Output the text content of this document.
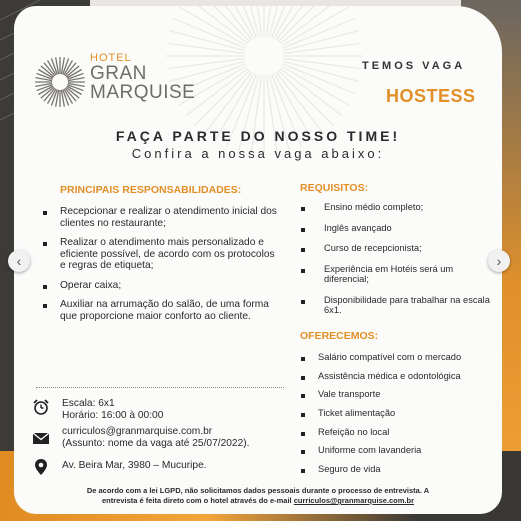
HOTEL
GRAN
MARQUISE
TEMOS VAGA
HOSTESS
FAÇA PARTE DO NOSSO TIME!
Confira a nossa vaga abaixo:
PRINCIPAIS RESPONSABILIDADES:
Recepcionar e realizar o atendimento inicial dos clientes no restaurante;
Realizar o atendimento mais personalizado e eficiente possível, de acordo com os protocolos e regras de etiqueta;
Operar caixa;
Auxiliar na arrumação do salão, de uma forma que proporcione maior conforto ao cliente.
REQUISITOS:
Ensino médio completo;
Inglês avançado
Curso de recepcionista;
Experiência em Hotéis será um diferencial;
Disponibilidade para trabalhar na escala 6x1.
OFERECEMOS:
Salário compatível com o mercado
Assistência médica e odontológica
Vale transporte
Ticket alimentação
Refeição no local
Uniforme com lavanderia
Seguro de vida
Escala: 6x1
Horário: 16:00 à 00:00
curriculos@granmarquise.com.br
(Assunto: nome da vaga até 25/07/2022).
Av. Beira Mar, 3980 – Mucuripe.
De acordo com a lei LGPD, não solicitamos dados pessoais durante o processo de entrevista. A
entrevista é feita direto com o hotel através do e-mail curriculos@granmarquise.com.br
‹	›
